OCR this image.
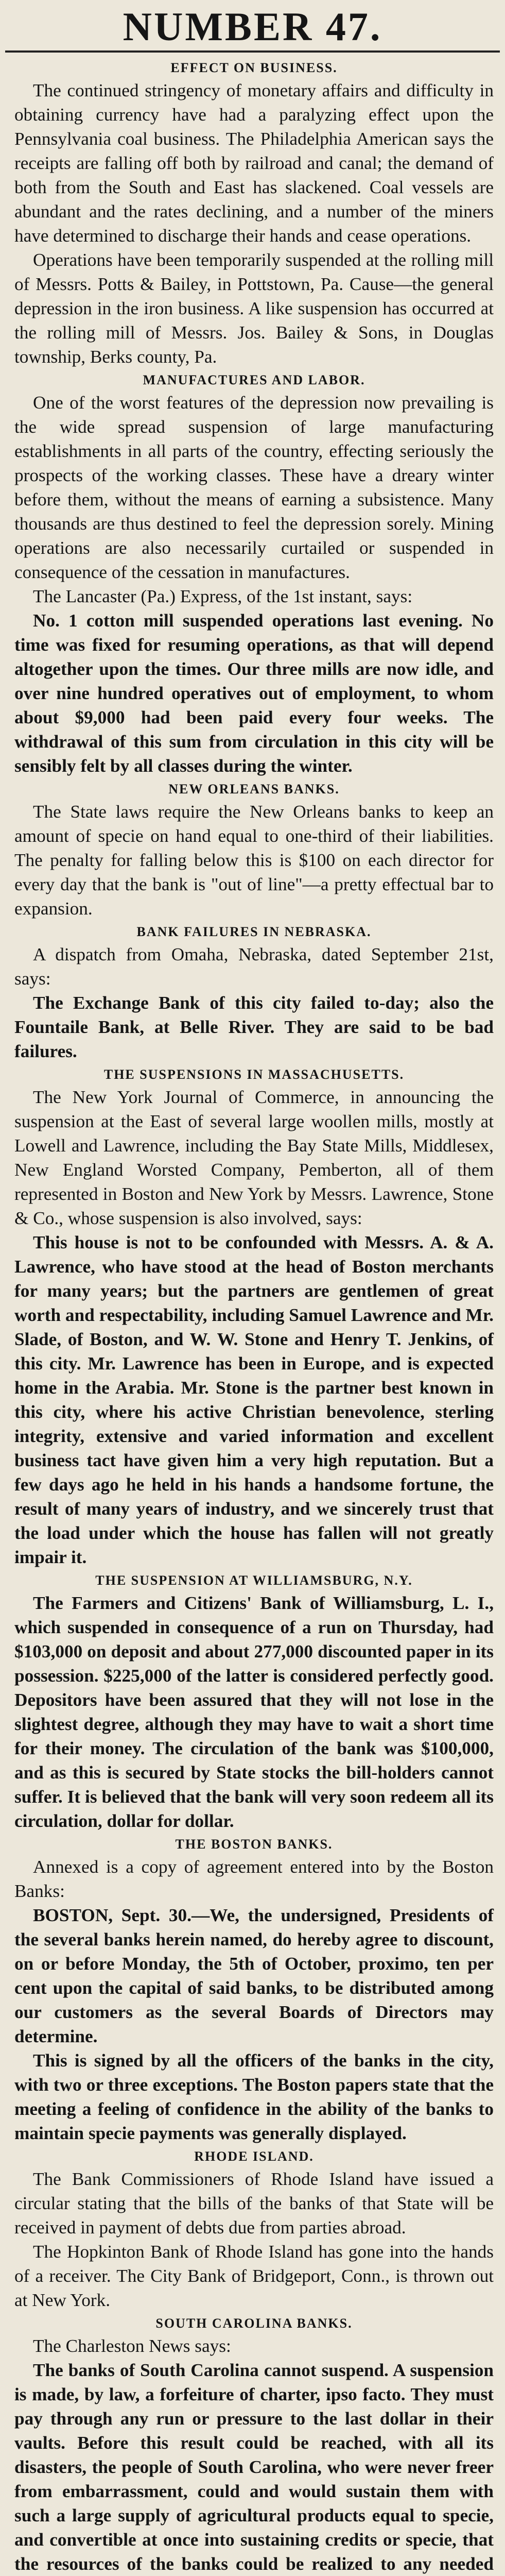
NUMBER 47.
EFFECT ON BUSINESS.

The continued stringency of monetary affairs and difficulty in obtaining currency have had a paralyzing effect upon the Pennsylvania coal business. The Philadelphia American says the receipts are falling off both by railroad and canal; the demand of both from the South and East has slackened. Coal vessels are abundant and the rates declining, and a number of the miners have determined to discharge their hands and cease operations.

Operations have been temporarily suspended at the rolling mill of Messrs. Potts & Bailey, in Pottstown, Pa. Cause—the general depression in the iron business. A like suspension has occurred at the rolling mill of Messrs. Jos. Bailey & Sons, in Douglas township, Berks county, Pa.

MANUFACTURES AND LABOR.

One of the worst features of the depression now prevailing is the wide spread suspension of large manufacturing establishments in all parts of the country, effecting seriously the prospects of the working classes. These have a dreary winter before them, without the means of earning a subsistence. Many thousands are thus destined to feel the depression sorely. Mining operations are also necessarily curtailed or suspended in consequence of the cessation in manufactures.

The Lancaster (Pa.) Express, of the 1st instant, says:

No. 1 cotton mill suspended operations last evening. No time was fixed for resuming operations, as that will depend altogether upon the times. Our three mills are now idle, and over nine hundred operatives out of employment, to whom about $9,000 had been paid every four weeks. The withdrawal of this sum from circulation in this city will be sensibly felt by all classes during the winter.

NEW ORLEANS BANKS.

The State laws require the New Orleans banks to keep an amount of specie on hand equal to one-third of their liabilities. The penalty for falling below this is $100 on each director for every day that the bank is "out of line"—a pretty effectual bar to expansion.

BANK FAILURES IN NEBRASKA.

A dispatch from Omaha, Nebraska, dated September 21st, says:

The Exchange Bank of this city failed to-day; also the Fountaile Bank, at Belle River. They are said to be bad failures.

THE SUSPENSIONS IN MASSACHUSETTS.

The New York Journal of Commerce, in announcing the suspension at the East of several large woollen mills, mostly at Lowell and Lawrence, including the Bay State Mills, Middlesex, New England Worsted Company, Pemberton, all of them represented in Boston and New York by Messrs. Lawrence, Stone & Co., whose suspension is also involved, says:

This house is not to be confounded with Messrs. A. & A. Lawrence, who have stood at the head of Boston merchants for many years; but the partners are gentlemen of great worth and respectability, including Samuel Lawrence and Mr. Slade, of Boston, and W. W. Stone and Henry T. Jenkins, of this city. Mr. Lawrence has been in Europe, and is expected home in the Arabia. Mr. Stone is the partner best known in this city, where his active Christian benevolence, sterling integrity, extensive and varied information and excellent business tact have given him a very high reputation. But a few days ago he held in his hands a handsome fortune, the result of many years of industry, and we sincerely trust that the load under which the house has fallen will not greatly impair it.

THE SUSPENSION AT WILLIAMSBURG, N.Y.

The Farmers and Citizens' Bank of Williamsburg, L. I., which suspended in consequence of a run on Thursday, had $103,000 on deposit and about 277,000 discounted paper in its possession. $225,000 of the latter is considered perfectly good. Depositors have been assured that they will not lose in the slightest degree, although they may have to wait a short time for their money. The circulation of the bank was $100,000, and as this is secured by State stocks the bill-holders cannot suffer. It is believed that the bank will very soon redeem all its circulation, dollar for dollar.

THE BOSTON BANKS.

Annexed is a copy of agreement entered into by the Boston Banks:

BOSTON, Sept. 30.—We, the undersigned, Presidents of the several banks herein named, do hereby agree to discount, on or before Monday, the 5th of October, proximo, ten per cent upon the capital of said banks, to be distributed among our customers as the several Boards of Directors may determine.

This is signed by all the officers of the banks in the city, with two or three exceptions. The Boston papers state that the meeting a feeling of confidence in the ability of the banks to maintain specie payments was generally displayed.

RHODE ISLAND.

The Bank Commissioners of Rhode Island have issued a circular stating that the bills of the banks of that State will be received in payment of debts due from parties abroad.

The Hopkinton Bank of Rhode Island has gone into the hands of a receiver. The City Bank of Bridgeport, Conn., is thrown out at New York.

SOUTH CAROLINA BANKS.

The Charleston News says:

The banks of South Carolina cannot suspend. A suspension is made, by law, a forfeiture of charter, ipso facto. They must pay through any run or pressure to the last dollar in their vaults. Before this result could be reached, with all its disasters, the people of South Carolina, who were never freer from embarrassment, could and would sustain them with such a large supply of agricultural products equal to specie, and convertible at once into sustaining credits or specie, that the resources of the banks could be realized to any needed
